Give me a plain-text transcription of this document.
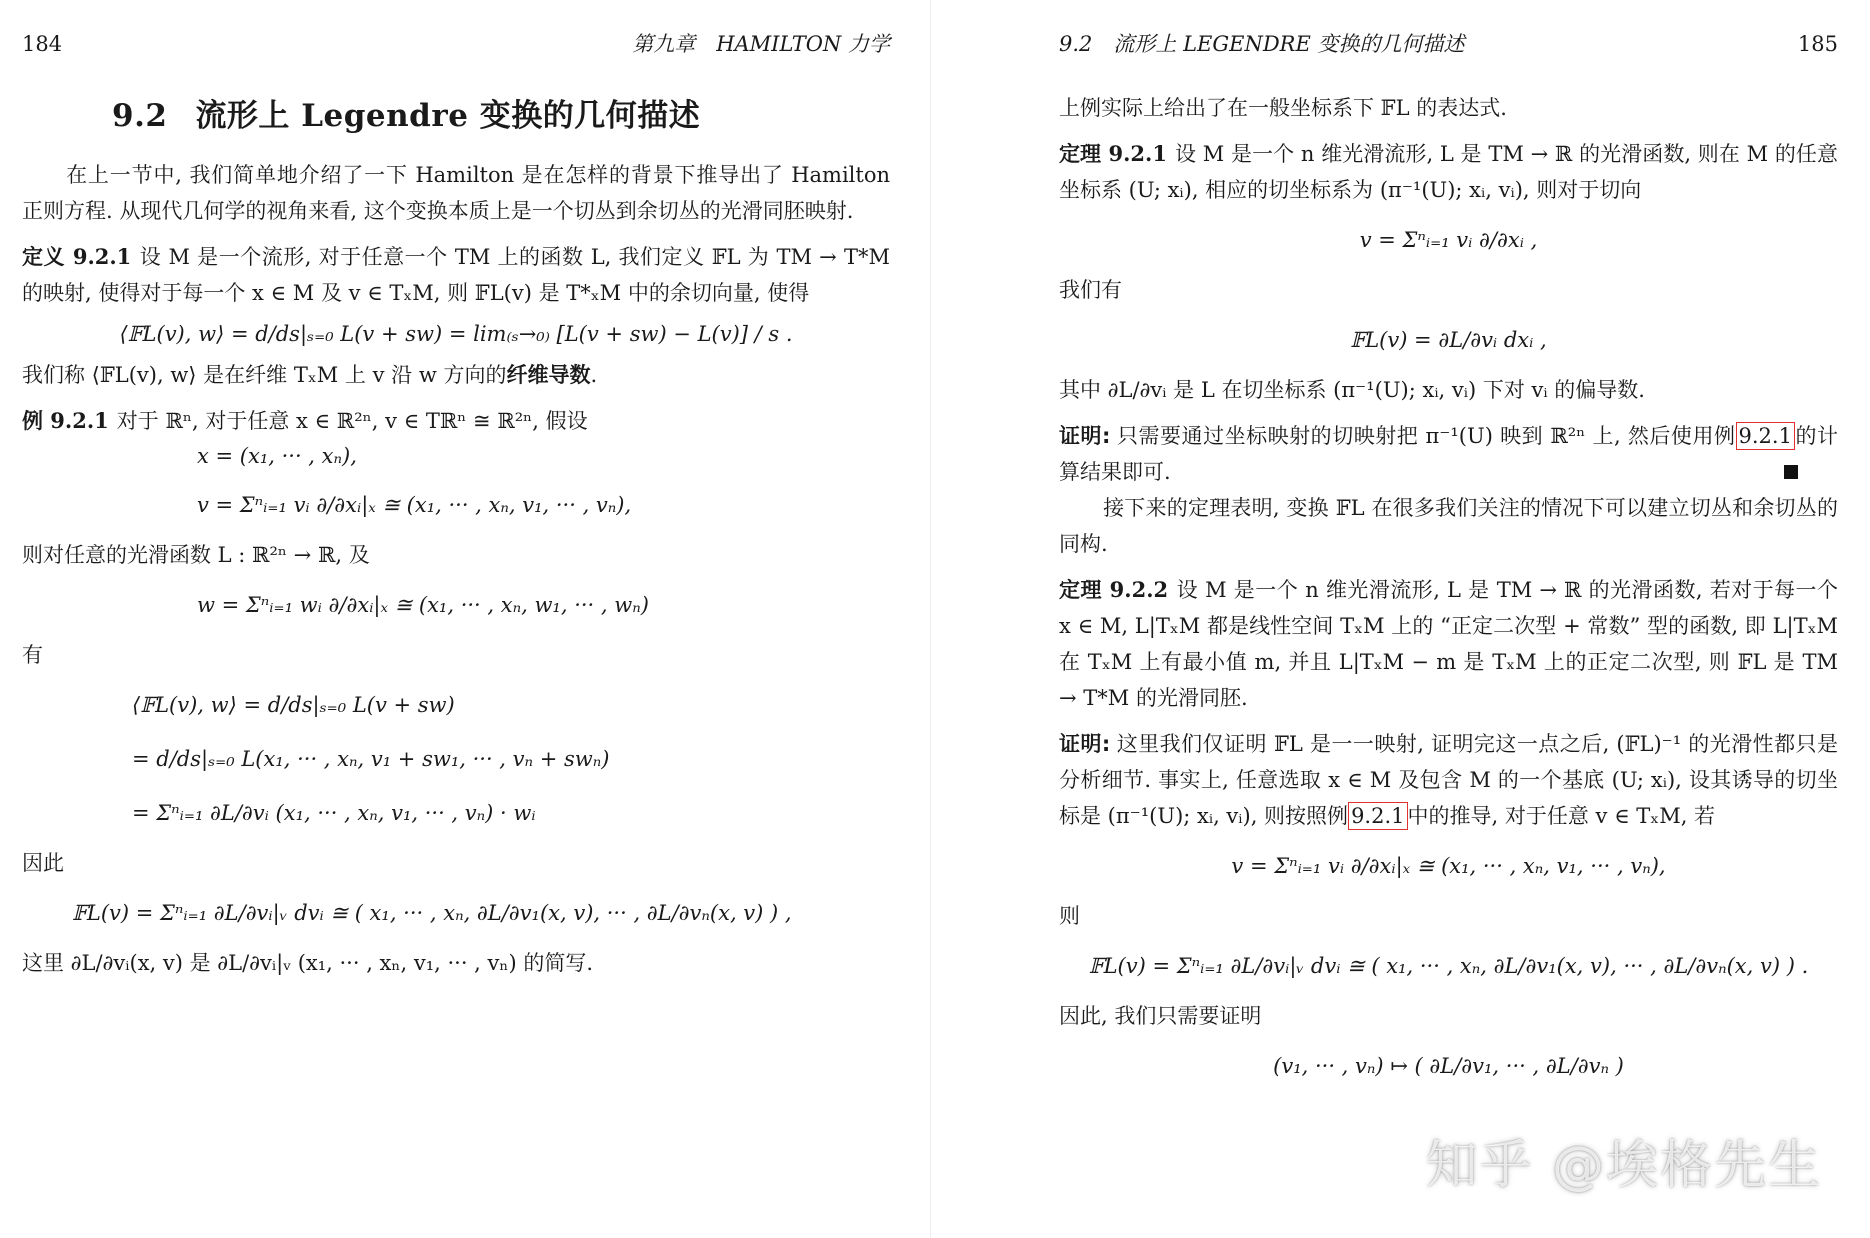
184	第九章　HAMILTON 力学
9.2 流形上 Legendre 变换的几何描述

在上一节中, 我们简单地介绍了一下 Hamilton 是在怎样的背景下推导出了 Hamilton 正则方程. 从现代几何学的视角来看, 这个变换本质上是一个切丛到余切丛的光滑同胚映射.

定义 9.2.1 设 M 是一个流形, 对于任意一个 TM 上的函数 L, 我们定义 𝔽L 为 TM → T*M 的映射, 使得对于每一个 x ∈ M 及 v ∈ TₓM, 则 𝔽L(v) 是 T*ₓM 中的余切向量, 使得

⟨𝔽L(v), w⟩ = d/ds|ₛ₌₀ L(v + sw) = lim₍ₛ→₀₎ [L(v + sw) − L(v)] / s .

我们称 ⟨𝔽L(v), w⟩ 是在纤维 TₓM 上 v 沿 w 方向的纤维导数.

例 9.2.1 对于 ℝⁿ, 对于任意 x ∈ ℝ²ⁿ, v ∈ Tℝⁿ ≅ ℝ²ⁿ, 假设

x = (x₁, ··· , xₙ),
v = Σⁿᵢ₌₁ vᵢ ∂/∂xᵢ|ₓ ≅ (x₁, ··· , xₙ, v₁, ··· , vₙ),

则对任意的光滑函数 L : ℝ²ⁿ → ℝ, 及

w = Σⁿᵢ₌₁ wᵢ ∂/∂xᵢ|ₓ ≅ (x₁, ··· , xₙ, w₁, ··· , wₙ)

有

⟨𝔽L(v), w⟩ = d/ds|ₛ₌₀ L(v + sw)
= d/ds|ₛ₌₀ L(x₁, ··· , xₙ, v₁ + sw₁, ··· , vₙ + swₙ)
= Σⁿᵢ₌₁ ∂L/∂vᵢ (x₁, ··· , xₙ, v₁, ··· , vₙ) · wᵢ

因此

𝔽L(v) = Σⁿᵢ₌₁ ∂L/∂vᵢ|ᵥ dvᵢ ≅ ( x₁, ··· , xₙ, ∂L/∂v₁(x, v), ··· , ∂L/∂vₙ(x, v) ) ,

这里 ∂L/∂vᵢ(x, v) 是 ∂L/∂vᵢ|ᵥ (x₁, ··· , xₙ, v₁, ··· , vₙ) 的简写.

9.2　流形上 LEGENDRE 变换的几何描述	185

上例实际上给出了在一般坐标系下 𝔽L 的表达式.

定理 9.2.1 设 M 是一个 n 维光滑流形, L 是 TM → ℝ 的光滑函数, 则在 M 的任意坐标系 (U; xᵢ), 相应的切坐标系为 (π⁻¹(U); xᵢ, vᵢ), 则对于切向

v = Σⁿᵢ₌₁ vᵢ ∂/∂xᵢ ,

我们有

𝔽L(v) = ∂L/∂vᵢ dxᵢ ,

其中 ∂L/∂vᵢ 是 L 在切坐标系 (π⁻¹(U); xᵢ, vᵢ) 下对 vᵢ 的偏导数.

证明: 只需要通过坐标映射的切映射把 π⁻¹(U) 映到 ℝ²ⁿ 上, 然后使用例 9.2.1 的计算结果即可.

接下来的定理表明, 变换 𝔽L 在很多我们关注的情况下可以建立切丛和余切丛的同构.

定理 9.2.2 设 M 是一个 n 维光滑流形, L 是 TM → ℝ 的光滑函数, 若对于每一个 x ∈ M, L|TₓM 都是线性空间 TₓM 上的 “正定二次型 + 常数” 型的函数, 即 L|TₓM 在 TₓM 上有最小值 m, 并且 L|TₓM − m 是 TₓM 上的正定二次型, 则 𝔽L 是 TM → T*M 的光滑同胚.

证明: 这里我们仅证明 𝔽L 是一一映射, 证明完这一点之后, (𝔽L)⁻¹ 的光滑性都只是分析细节. 事实上, 任意选取 x ∈ M 及包含 M 的一个基底 (U; xᵢ), 设其诱导的切坐标是 (π⁻¹(U); xᵢ, vᵢ), 则按照例 9.2.1 中的推导, 对于任意 v ∈ TₓM, 若

v = Σⁿᵢ₌₁ vᵢ ∂/∂xᵢ|ₓ ≅ (x₁, ··· , xₙ, v₁, ··· , vₙ),

则

𝔽L(v) = Σⁿᵢ₌₁ ∂L/∂vᵢ|ᵥ dvᵢ ≅ ( x₁, ··· , xₙ, ∂L/∂v₁(x, v), ··· , ∂L/∂vₙ(x, v) ) .

因此, 我们只需要证明

(v₁, ··· , vₙ) ↦ ( ∂L/∂v₁, ··· , ∂L/∂vₙ )
知乎 @埃格先生
